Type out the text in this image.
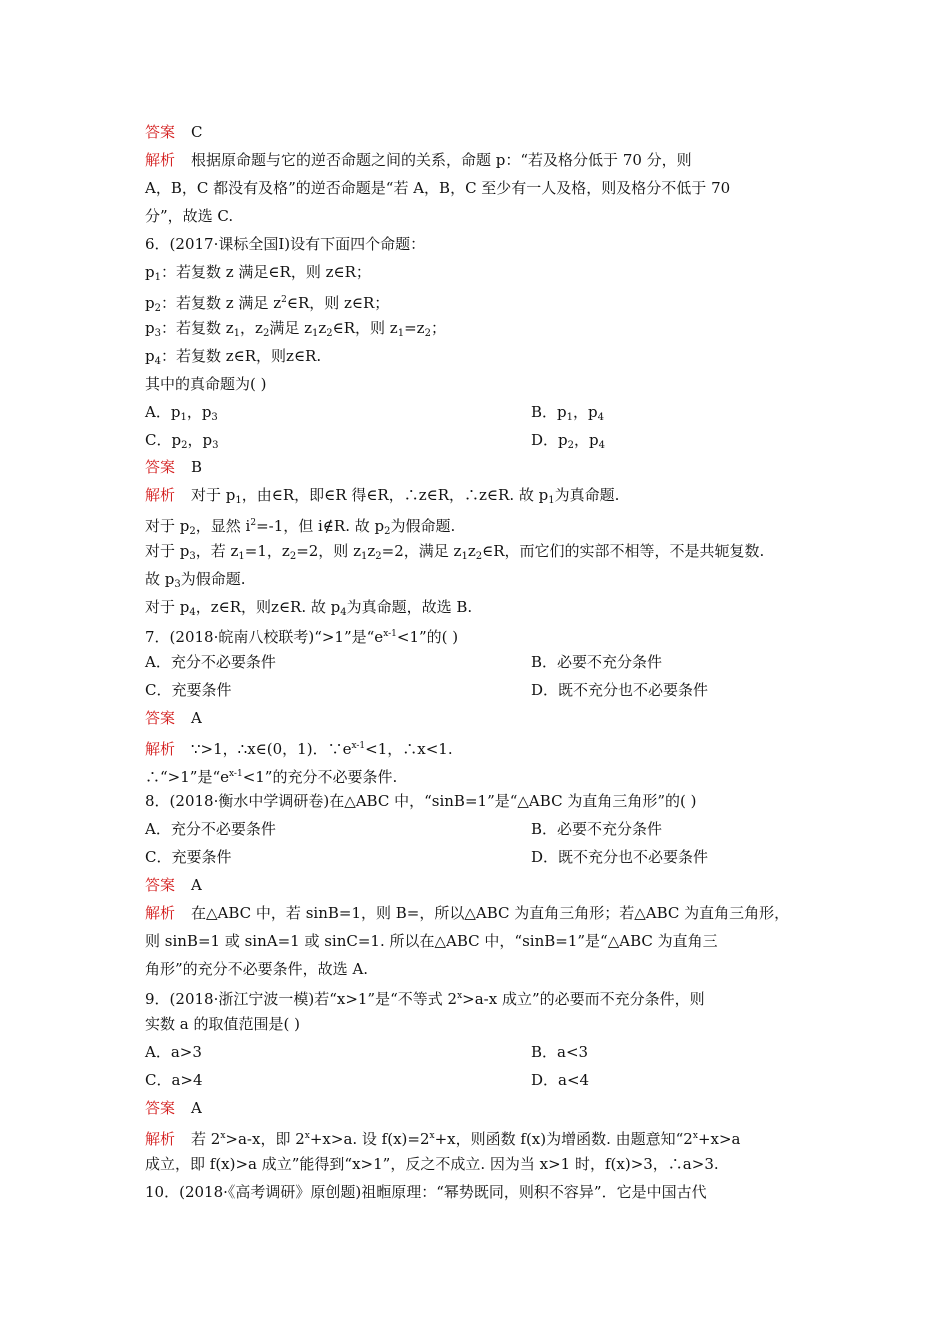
答案 C
解析 根据原命题与它的逆否命题之间的关系，命题 p：“若及格分低于 70 分，则
A，B，C 都没有及格”的逆否命题是“若 A，B，C 至少有一人及格，则及格分不低于 70
分”，故选 C.
6．(2017·课标全国Ⅰ)设有下面四个命题：
$p_1$：若复数 z 满足∈R，则 z∈R；
$p_2$：若复数 z 满足 $z^2\in R$，则 z∈R；
$p_3$：若复数 $z_1$，$z_2$满足 $z_1z_2\in R$，则 $z_1=z_2$；
$p_4$：若复数 z∈R，则z∈R.
其中的真命题为( )
A．$p_1$，$p_3$	B．$p_1$，$p_4$
C．$p_2$，$p_3$	D．$p_2$，$p_4$
答案 B
解析 对于 $p_1$，由∈R，即∈R 得∈R，∴z∈R，∴z∈R. 故 $p_1$为真命题.
对于 $p_2$，显然 $i^2=-1$，但 i∉R. 故 $p_2$为假命题.
对于 $p_3$，若 $z_1=1$，$z_2=2$，则 $z_1z_2=2$，满足 $z_1z_2\in R$，而它们的实部不相等，不是共轭复数.
故 $p_3$为假命题.
对于 $p_4$，z∈R，则z∈R. 故 $p_4$为真命题，故选 B.
7．(2018·皖南八校联考)“>1”是“$e^{x-1}<1$”的( )
A．充分不必要条件	B．必要不充分条件
C．充要条件	D．既不充分也不必要条件
答案 A
解析 ∵>1，∴x∈(0，1)．$\because e^{x-1}<1$，∴x<1.
∴“>1”是“$e^{x-1}<1$”的充分不必要条件.
8．(2018·衡水中学调研卷)在△ABC 中，“sinB=1”是“△ABC 为直角三角形”的( )
A．充分不必要条件	B．必要不充分条件
C．充要条件	D．既不充分也不必要条件
答案 A
解析 在△ABC 中，若 sinB=1，则 B=，所以△ABC 为直角三角形；若△ABC 为直角三角形，
则 sinB=1 或 sinA=1 或 sinC=1. 所以在△ABC 中，“sinB=1”是“△ABC 为直角三
角形”的充分不必要条件，故选 A.
9．(2018·浙江宁波一模)若“x>1”是“不等式 $2^x>a-x$ 成立”的必要而不充分条件，则
实数 a 的取值范围是( )
A．a>3	B．a<3
C．a>4	D．a<4
答案 A
解析 若 $2^x>a-x$，即 $2^x+x>a$. 设 $f(x)=2^x+x$，则函数 f(x)为增函数. 由题意知“$2^x+x>a$
成立，即 f(x)>a 成立”能得到“x>1”，反之不成立. 因为当 x>1 时，f(x)>3，∴a>3.
10．(2018·《高考调研》原创题)祖暅原理：“幂势既同，则积不容异”．它是中国古代
